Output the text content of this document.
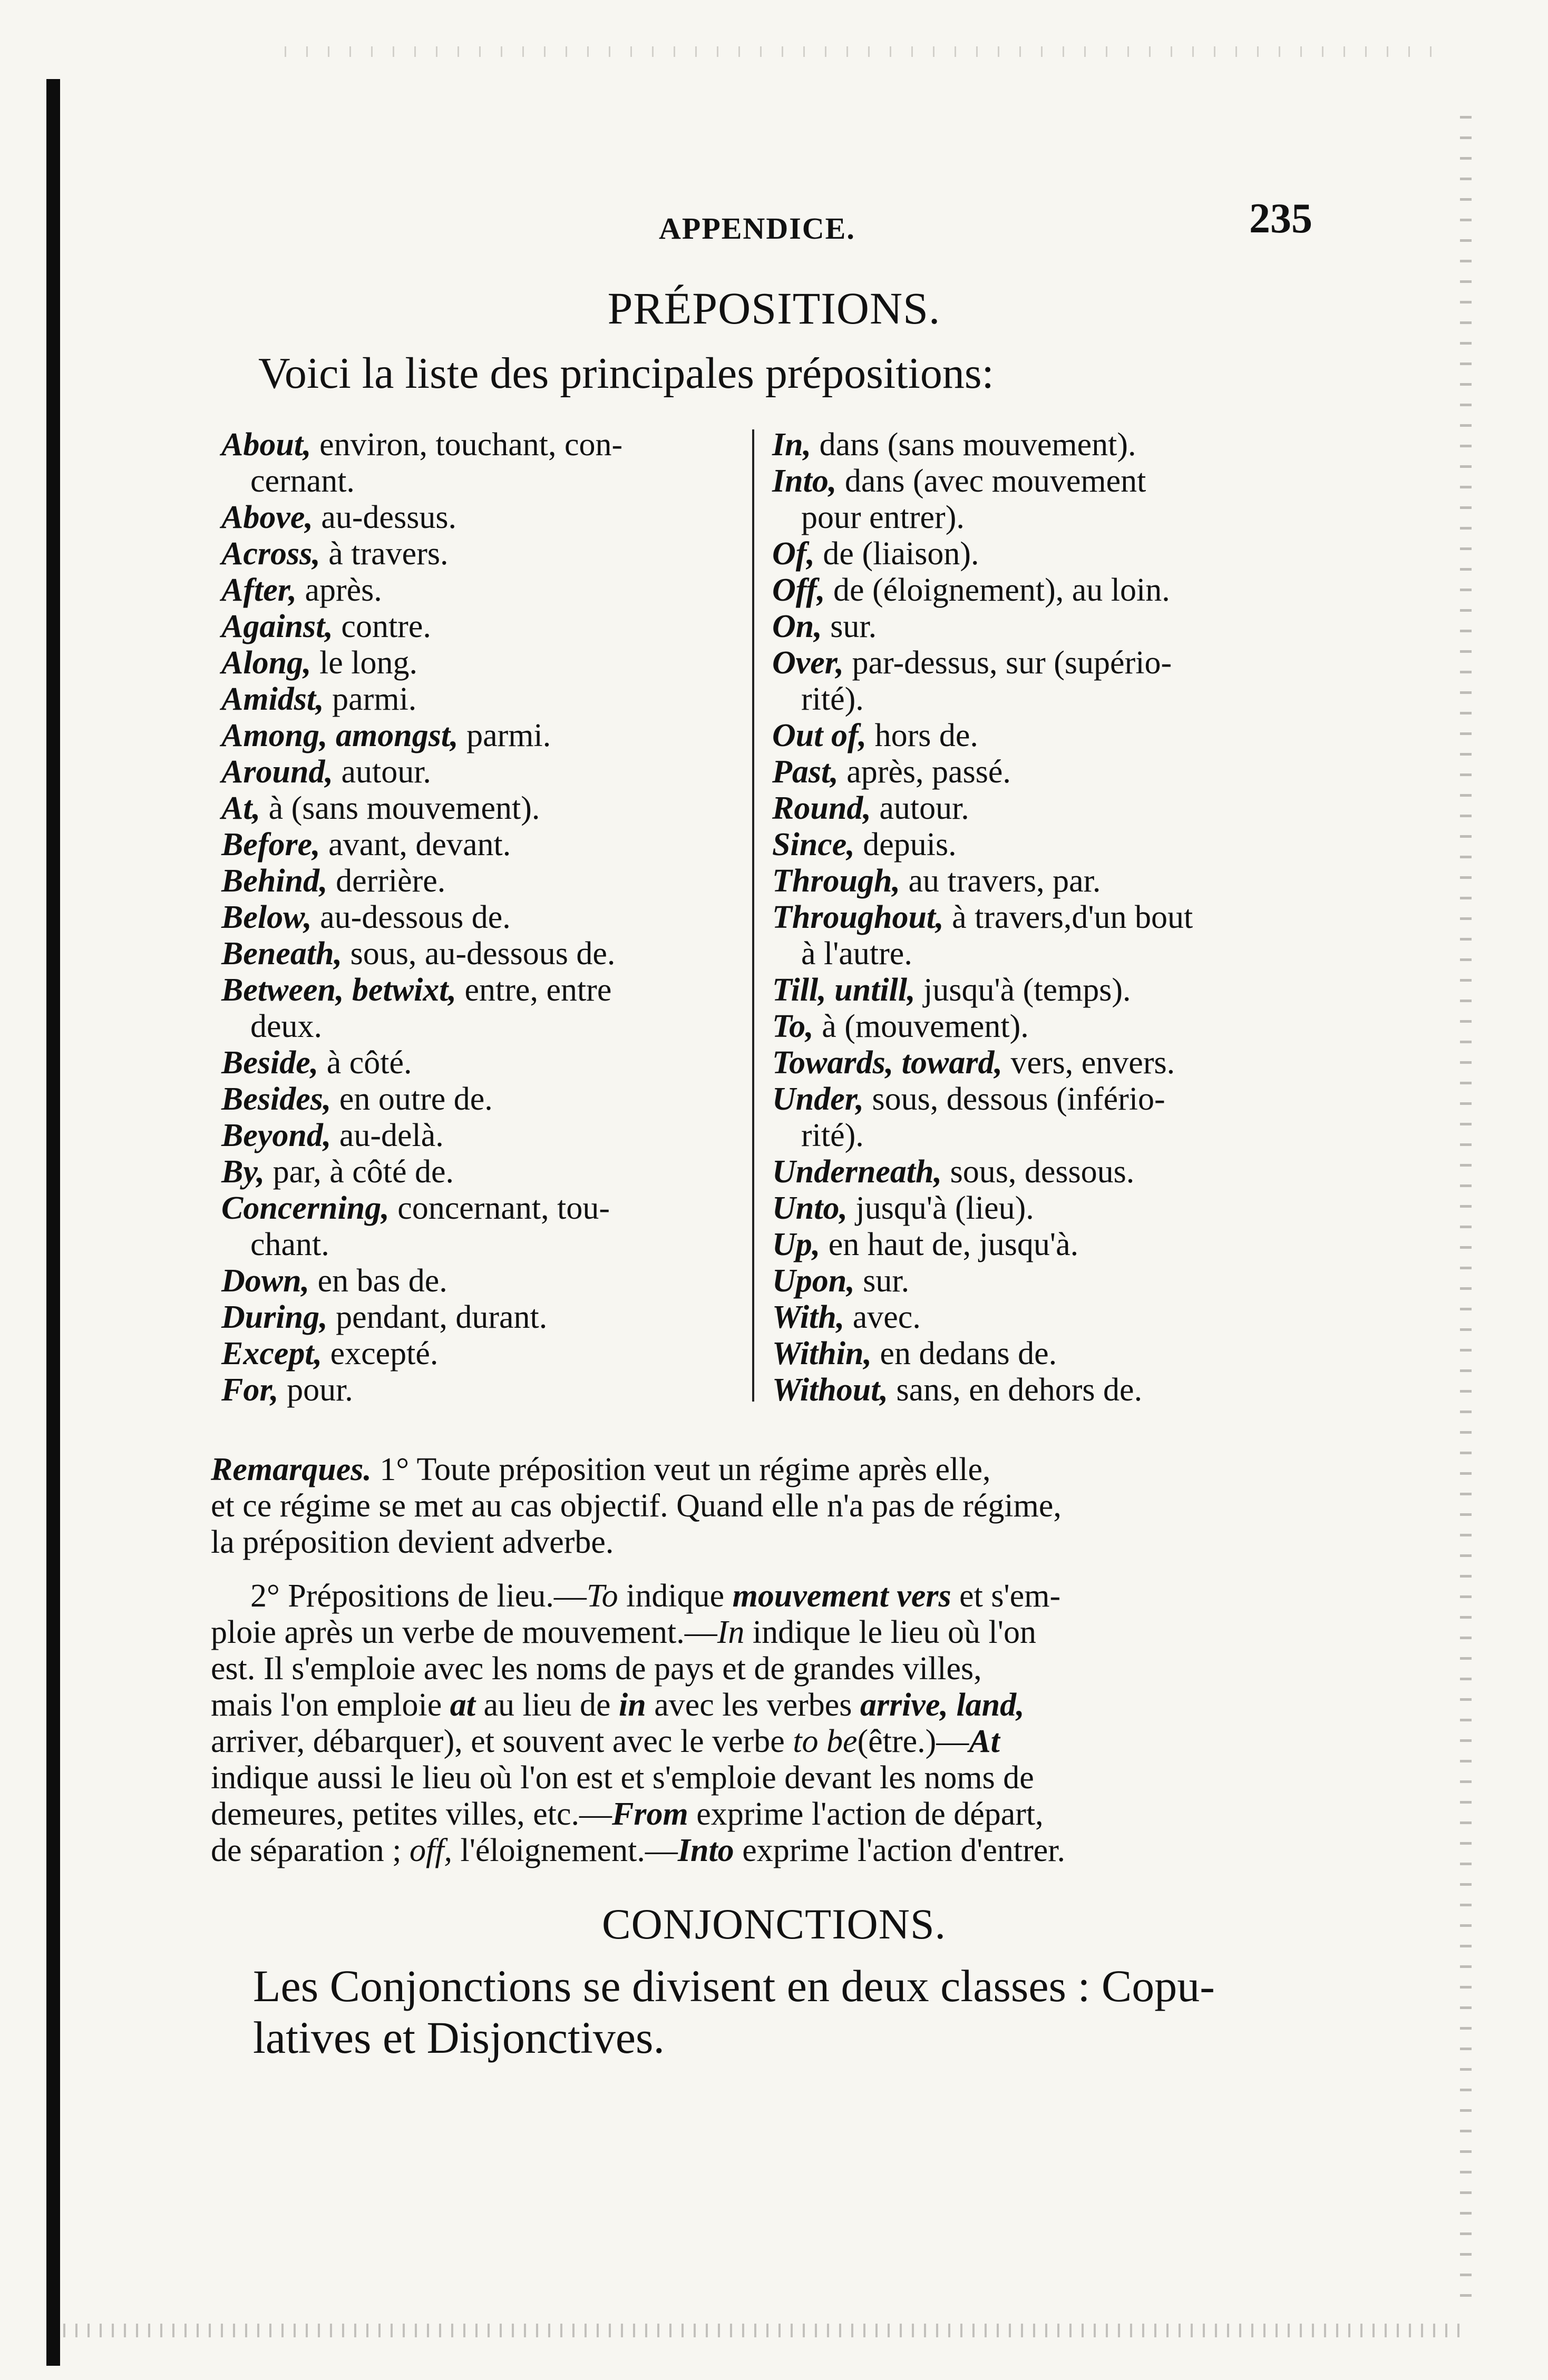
APPENDICE.	235
PRÉPOSITIONS.
Voici la liste des principales prépositions:
About, environ, touchant, con-
cernant.
Above, au-dessus.
Across, à travers.
After, après.
Against, contre.
Along, le long.
Amidst, parmi.
Among, amongst, parmi.
Around, autour.
At, à (sans mouvement).
Before, avant, devant.
Behind, derrière.
Below, au-dessous de.
Beneath, sous, au-dessous de.
Between, betwixt, entre, entre
deux.
Beside, à côté.
Besides, en outre de.
Beyond, au-delà.
By, par, à côté de.
Concerning, concernant, tou-
chant.
Down, en bas de.
During, pendant, durant.
Except, excepté.
For, pour.
In, dans (sans mouvement).
Into, dans (avec mouvement
pour entrer).
Of, de (liaison).
Off, de (éloignement), au loin.
On, sur.
Over, par-dessus, sur (supério-
rité).
Out of, hors de.
Past, après, passé.
Round, autour.
Since, depuis.
Through, au travers, par.
Throughout, à travers,d'un bout
à l'autre.
Till, untill, jusqu'à (temps).
To, à (mouvement).
Towards, toward, vers, envers.
Under, sous, dessous (infério-
rité).
Underneath, sous, dessous.
Unto, jusqu'à (lieu).
Up, en haut de, jusqu'à.
Upon, sur.
With, avec.
Within, en dedans de.
Without, sans, en dehors de.
Remarques. 1° Toute préposition veut un régime après elle,
et ce régime se met au cas objectif. Quand elle n'a pas de régime,
la préposition devient adverbe.
2° Prépositions de lieu.—To indique mouvement vers et s'em-
ploie après un verbe de mouvement.—In indique le lieu où l'on
est. Il s'emploie avec les noms de pays et de grandes villes,
mais l'on emploie at au lieu de in avec les verbes arrive, land,
arriver, débarquer), et souvent avec le verbe to be(être.)—At
indique aussi le lieu où l'on est et s'emploie devant les noms de
demeures, petites villes, etc.—From exprime l'action de départ,
de séparation ; off, l'éloignement.—Into exprime l'action d'entrer.
CONJONCTIONS.
Les Conjonctions se divisent en deux classes : Copu-
latives et Disjonctives.
